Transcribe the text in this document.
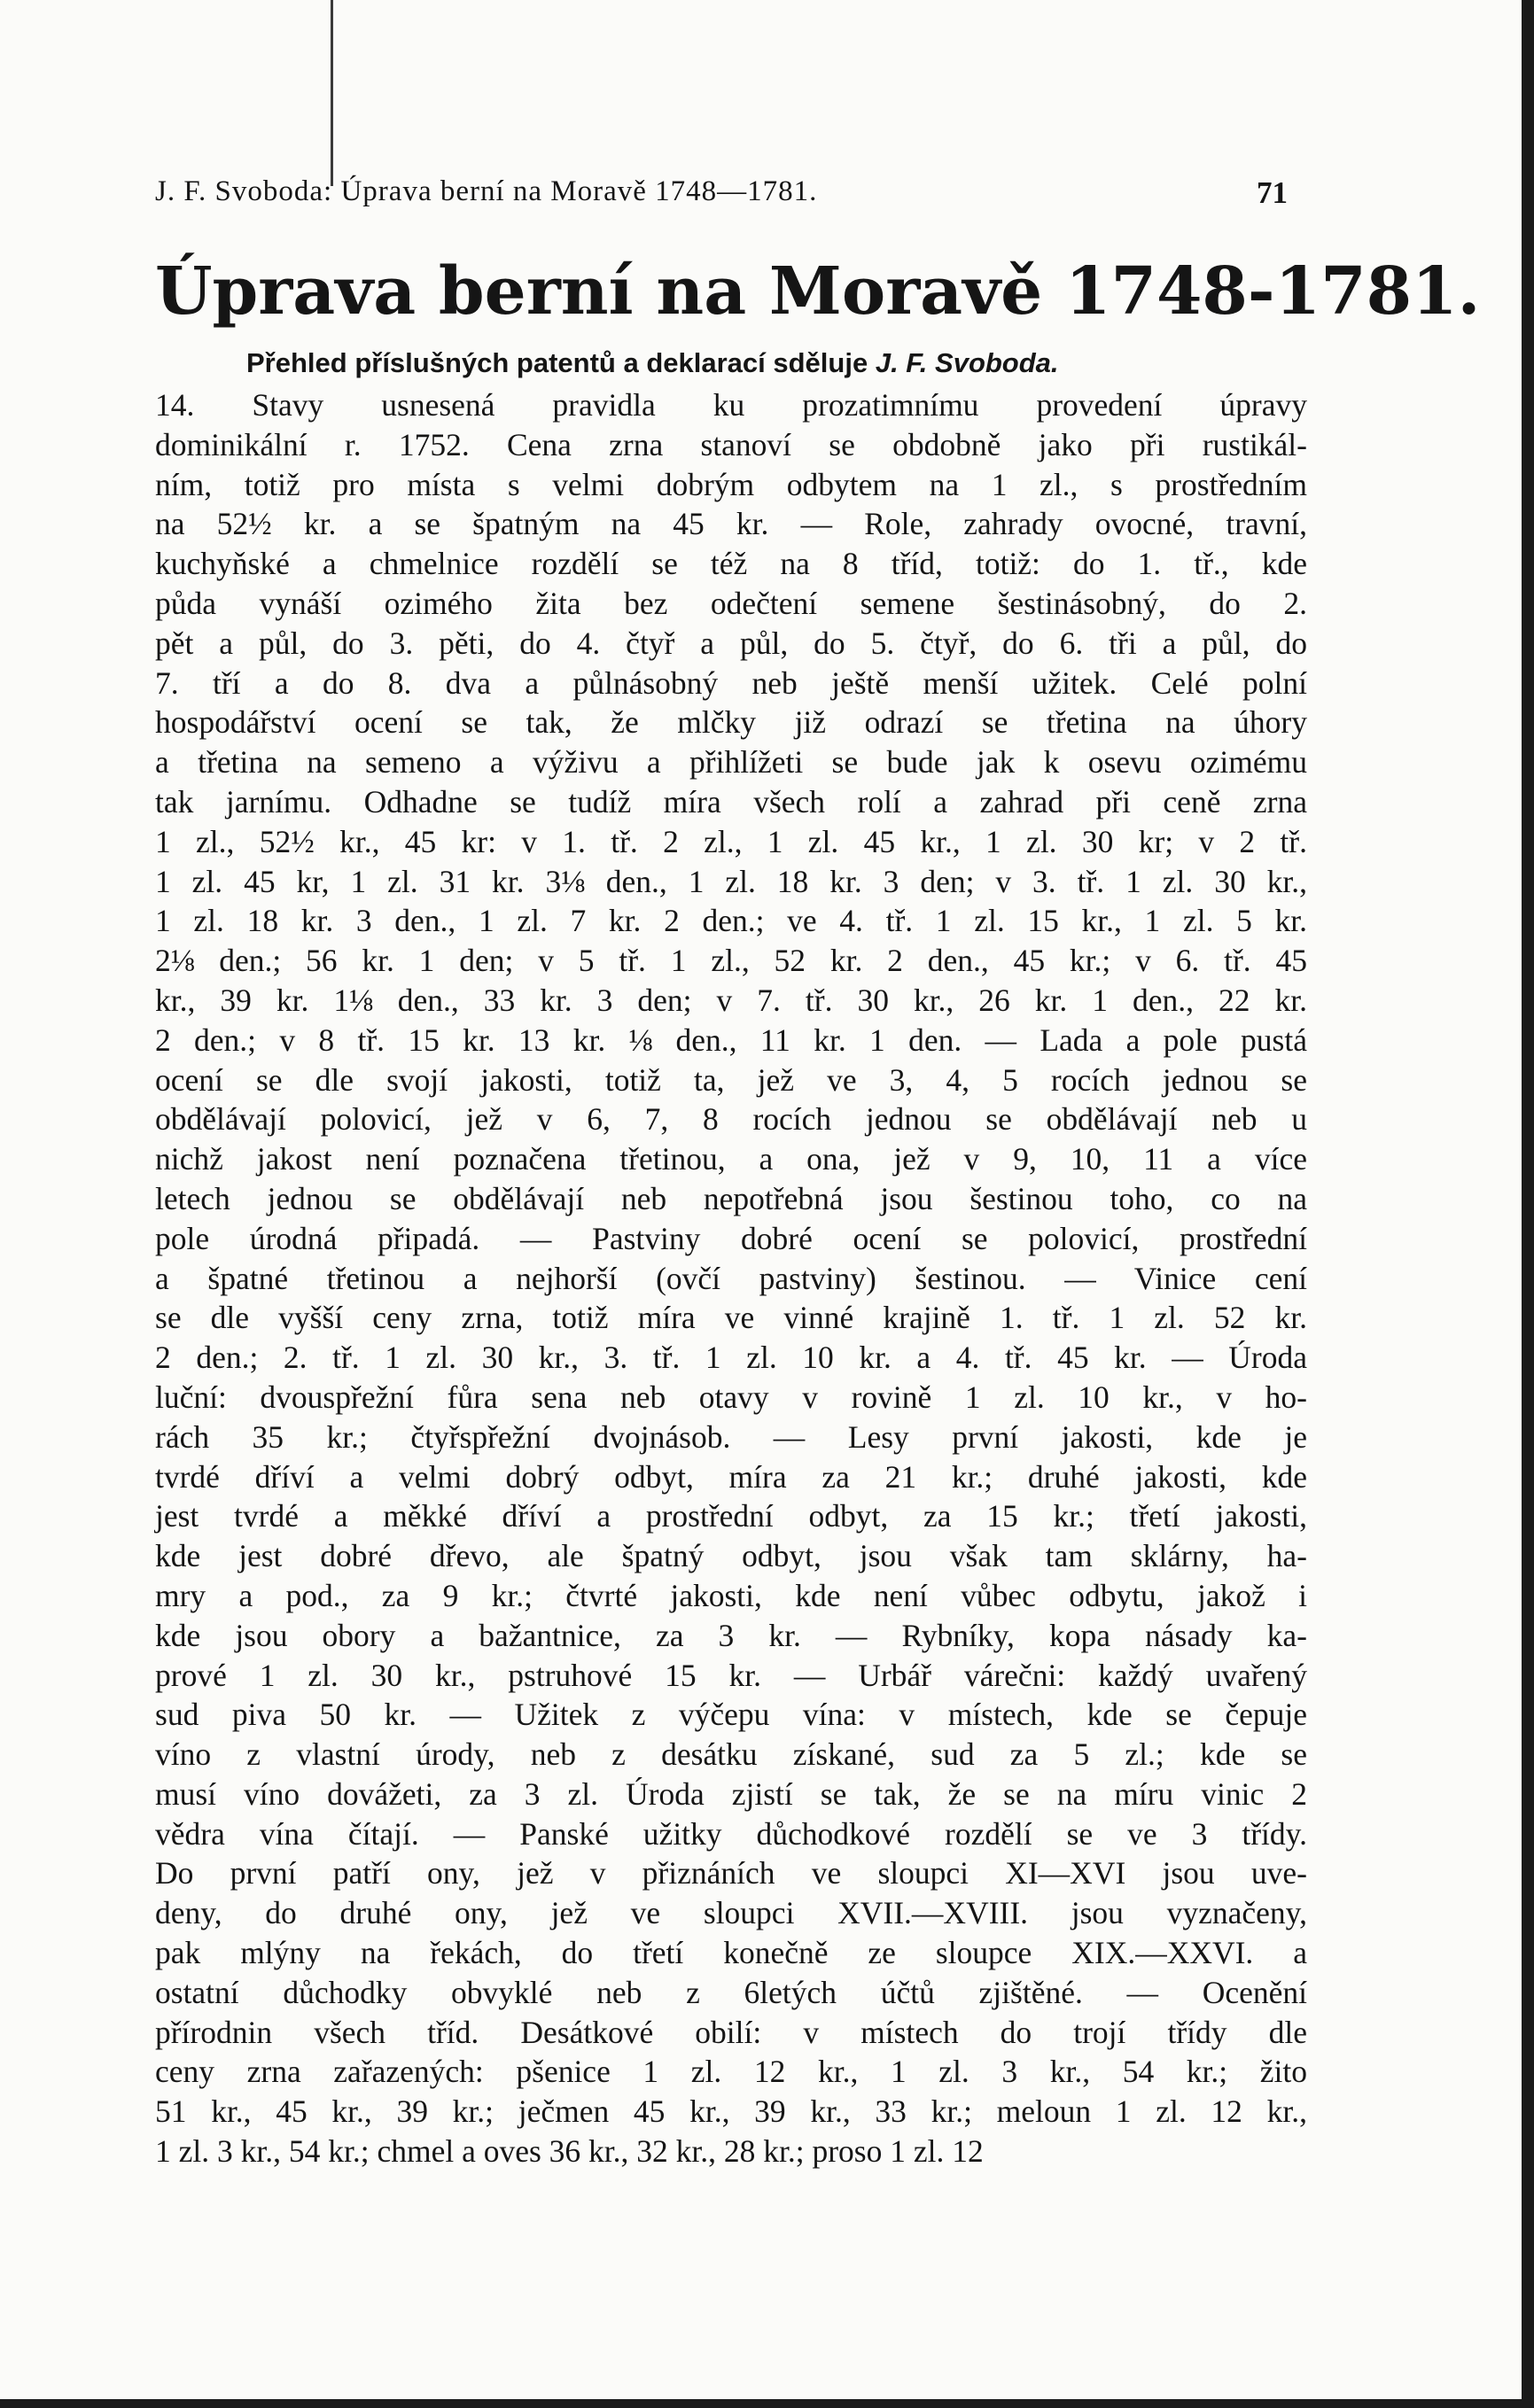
J. F. Svoboda: Úprava berní na Moravě 1748—1781.	71
Úprava berní na Moravě 1748-1781.
Přehled příslušných patentů a deklarací sděluje J. F. Svoboda.
14. Stavy usnesená pravidla ku prozatimnímu provedení úpravy
dominikální r. 1752. Cena zrna stanoví se obdobně jako při rustikál-
ním, totiž pro místa s velmi dobrým odbytem na 1 zl., s prostředním
na 52½ kr. a se špatným na 45 kr. — Role, zahrady ovocné, travní,
kuchyňské a chmelnice rozdělí se též na 8 tříd, totiž: do 1. tř., kde
půda vynáší ozimého žita bez odečtení semene šestinásobný, do 2.
pět a půl, do 3. pěti, do 4. čtyř a půl, do 5. čtyř, do 6. tři a půl, do
7. tří a do 8. dva a půlnásobný neb ještě menší užitek. Celé polní
hospodářství ocení se tak, že mlčky již odrazí se třetina na úhory
a třetina na semeno a výživu a přihlížeti se bude jak k osevu ozimému
tak jarnímu. Odhadne se tudíž míra všech rolí a zahrad při ceně zrna
1 zl., 52½ kr., 45 kr: v 1. tř. 2 zl., 1 zl. 45 kr., 1 zl. 30 kr; v 2 tř.
1 zl. 45 kr, 1 zl. 31 kr. 3⅛ den., 1 zl. 18 kr. 3 den; v 3. tř. 1 zl. 30 kr.,
1 zl. 18 kr. 3 den., 1 zl. 7 kr. 2 den.; ve 4. tř. 1 zl. 15 kr., 1 zl. 5 kr.
2⅛ den.; 56 kr. 1 den; v 5 tř. 1 zl., 52 kr. 2 den., 45 kr.; v 6. tř. 45
kr., 39 kr. 1⅛ den., 33 kr. 3 den; v 7. tř. 30 kr., 26 kr. 1 den., 22 kr.
2 den.; v 8 tř. 15 kr. 13 kr. ⅛ den., 11 kr. 1 den. — Lada a pole pustá
ocení se dle svojí jakosti, totiž ta, jež ve 3, 4, 5 rocích jednou se
obdělávají polovicí, jež v 6, 7, 8 rocích jednou se obdělávají neb u
nichž jakost není poznačena třetinou, a ona, jež v 9, 10, 11 a více
letech jednou se obdělávají neb nepotřebná jsou šestinou toho, co na
pole úrodná připadá. — Pastviny dobré ocení se polovicí, prostřední
a špatné třetinou a nejhorší (ovčí pastviny) šestinou. — Vinice cení
se dle vyšší ceny zrna, totiž míra ve vinné krajině 1. tř. 1 zl. 52 kr.
2 den.; 2. tř. 1 zl. 30 kr., 3. tř. 1 zl. 10 kr. a 4. tř. 45 kr. — Úroda
luční: dvouspřežní fůra sena neb otavy v rovině 1 zl. 10 kr., v ho-
rách 35 kr.; čtyřspřežní dvojnásob. — Lesy první jakosti, kde je
tvrdé dříví a velmi dobrý odbyt, míra za 21 kr.; druhé jakosti, kde
jest tvrdé a měkké dříví a prostřední odbyt, za 15 kr.; třetí jakosti,
kde jest dobré dřevo, ale špatný odbyt, jsou však tam sklárny, ha-
mry a pod., za 9 kr.; čtvrté jakosti, kde není vůbec odbytu, jakož i
kde jsou obory a bažantnice, za 3 kr. — Rybníky, kopa násady ka-
prové 1 zl. 30 kr., pstruhové 15 kr. — Urbář várečni: každý uvařený
sud piva 50 kr. — Užitek z výčepu vína: v místech, kde se čepuje
víno z vlastní úrody, neb z desátku získané, sud za 5 zl.; kde se
musí víno dovážeti, za 3 zl. Úroda zjistí se tak, že se na míru vinic 2
vědra vína čítají. — Panské užitky důchodkové rozdělí se ve 3 třídy.
Do první patří ony, jež v přiznáních ve sloupci XI—XVI jsou uve-
deny, do druhé ony, jež ve sloupci XVII.—XVIII. jsou vyznačeny,
pak mlýny na řekách, do třetí konečně ze sloupce XIX.—XXVI. a
ostatní důchodky obvyklé neb z 6letých účtů zjištěné. — Ocenění
přírodnin všech tříd. Desátkové obilí: v místech do trojí třídy dle
ceny zrna zařazených: pšenice 1 zl. 12 kr., 1 zl. 3 kr., 54 kr.; žito
51 kr., 45 kr., 39 kr.; ječmen 45 kr., 39 kr., 33 kr.; meloun 1 zl. 12 kr.,
1 zl. 3 kr., 54 kr.; chmel a oves 36 kr., 32 kr., 28 kr.; proso 1 zl. 12
